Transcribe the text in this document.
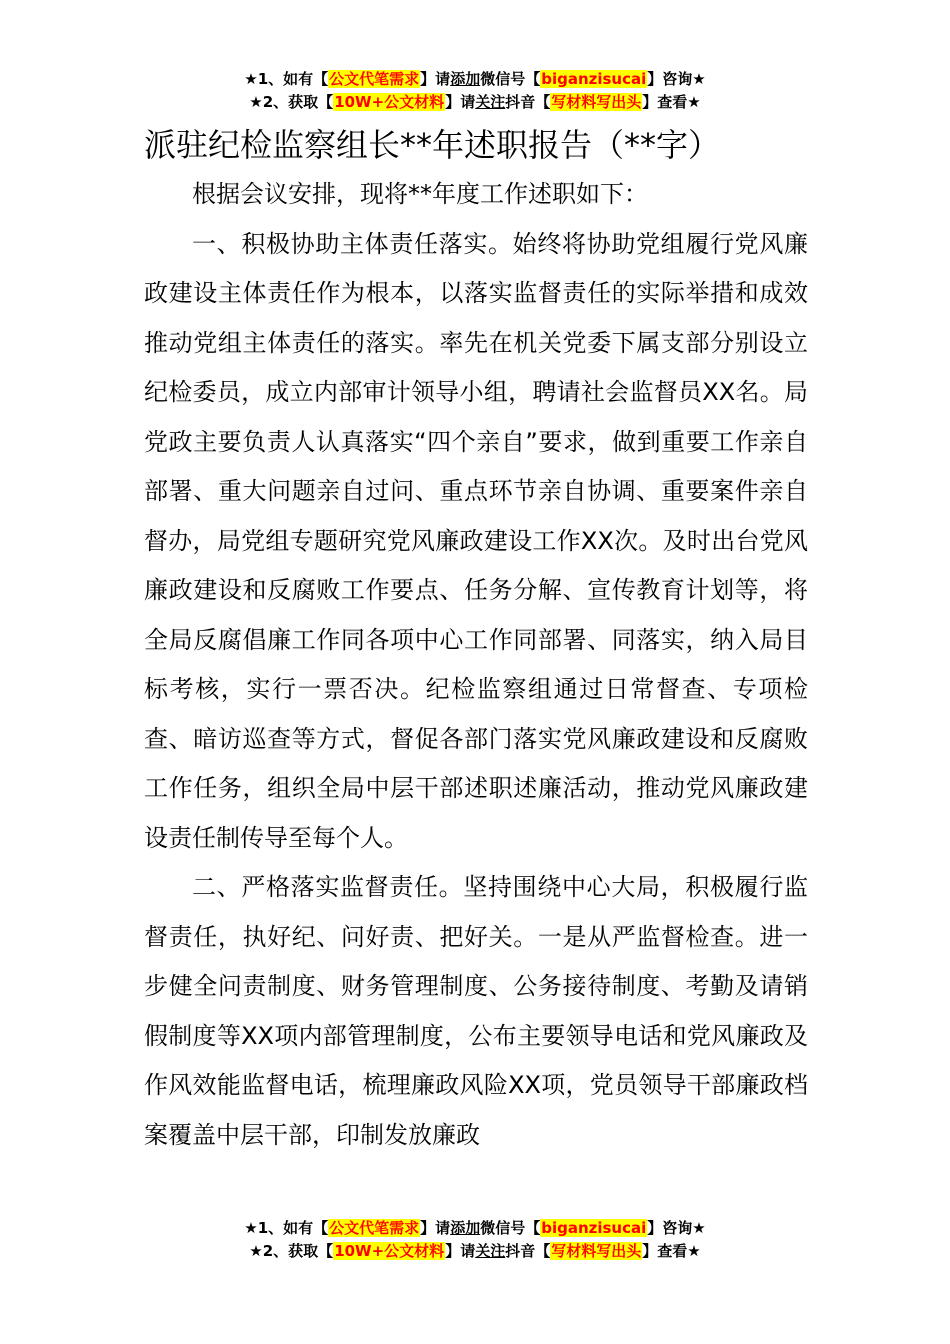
★1、如有【公文代笔需求】请添加微信号【biganzisucai】咨询★
★2、获取【10W+公文材料】请关注抖音【写材料写出头】查看★
派驻纪检监察组长**年述职报告（**字）

根据会议安排，现将**年度工作述职如下：

一、积极协助主体责任落实。始终将协助党组履行党风廉政建设主体责任作为根本，以落实监督责任的实际举措和成效推动党组主体责任的落实。率先在机关党委下属支部分别设立纪检委员，成立内部审计领导小组，聘请社会监督员XX名。局党政主要负责人认真落实“四个亲自”要求，做到重要工作亲自部署、重大问题亲自过问、重点环节亲自协调、重要案件亲自督办，局党组专题研究党风廉政建设工作XX次。及时出台党风廉政建设和反腐败工作要点、任务分解、宣传教育计划等，将全局反腐倡廉工作同各项中心工作同部署、同落实，纳入局目标考核，实行一票否决。纪检监察组通过日常督查、专项检查、暗访巡查等方式，督促各部门落实党风廉政建设和反腐败工作任务，组织全局中层干部述职述廉活动，推动党风廉政建设责任制传导至每个人。

二、严格落实监督责任。坚持围绕中心大局，积极履行监督责任，执好纪、问好责、把好关。一是从严监督检查。进一步健全问责制度、财务管理制度、公务接待制度、考勤及请销假制度等XX项内部管理制度，公布主要领导电话和党风廉政及作风效能监督电话，梳理廉政风险XX项，党员领导干部廉政档案覆盖中层干部，印制发放廉政

★1、如有【公文代笔需求】请添加微信号【biganzisucai】咨询★
★2、获取【10W+公文材料】请关注抖音【写材料写出头】查看★
